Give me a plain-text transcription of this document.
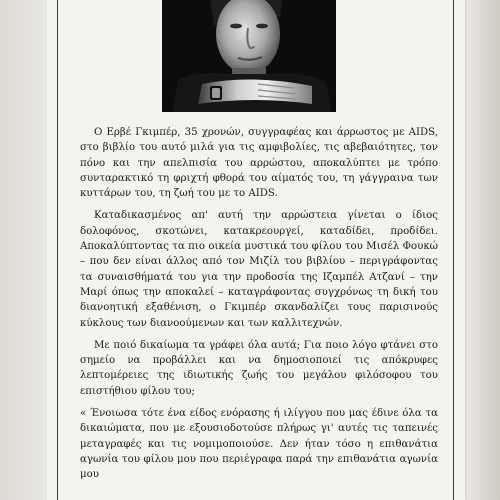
Ο Ερβέ Γκιμπέρ, 35 χρονών, συγγραφέας και άρρωστος με AIDS, στο βιβλίο του αυτό μιλά για τις αμφιβολίες, τις αβεβαιότητες, τον πόνο και την απελπισία του αρρώστου, αποκαλύπτει με τρόπο συνταρακτικό τη φριχτή φθορά του αίματός του, τη γάγγραινα των κυττάρων του, τη ζωή του με το AIDS.

Καταδικασμένος απ' αυτή την αρρώστεια γίνεται ο ίδιος δολοφόνος, σκοτώνει, κατακρεουργεί, καταδίδει, προδίδει. Αποκαλύπτοντας τα πιο οικεία μυστικά του φίλου του Μισέλ Φουκώ – που δεν είναι άλλος από τον Μιζίλ του βιβλίου – περιγράφοντας τα συναισθήματά του για την προδοσία της Ιζαμπέλ Ατζανί – την Μαρί όπως την αποκαλεί – καταγράφοντας συγχρόνως τη δική του διανοητική εξαθένιση, ο Γκιμπέρ σκανδαλίζει τους παρισινούς κύκλους των διανοούμενων και των καλλιτεχνών.

Με ποιό δικαίωμα τα γράφει όλα αυτά; Για ποιο λόγο φτάνει στο σημείο να προβάλλει και να δημοσιοποιεί τις απόκρυφες λεπτομέρειες της ιδιωτικής ζωής του μεγάλου φιλόσοφου του επιστήθιου φίλου του;

« Ένοιωσα τότε ένα είδος ενόρασης ή ιλίγγου που μας έδινε όλα τα δικαιώματα, που με εξουσιοδοτούσε πλήρως γι' αυτές τις ταπεινές μεταγραφές και τις νομιμοποιούσε. Δεν ήταν τόσο η επιθανάτια αγωνία του φίλου μου που περιέγραφα παρά την επιθανάτια αγωνία μου
